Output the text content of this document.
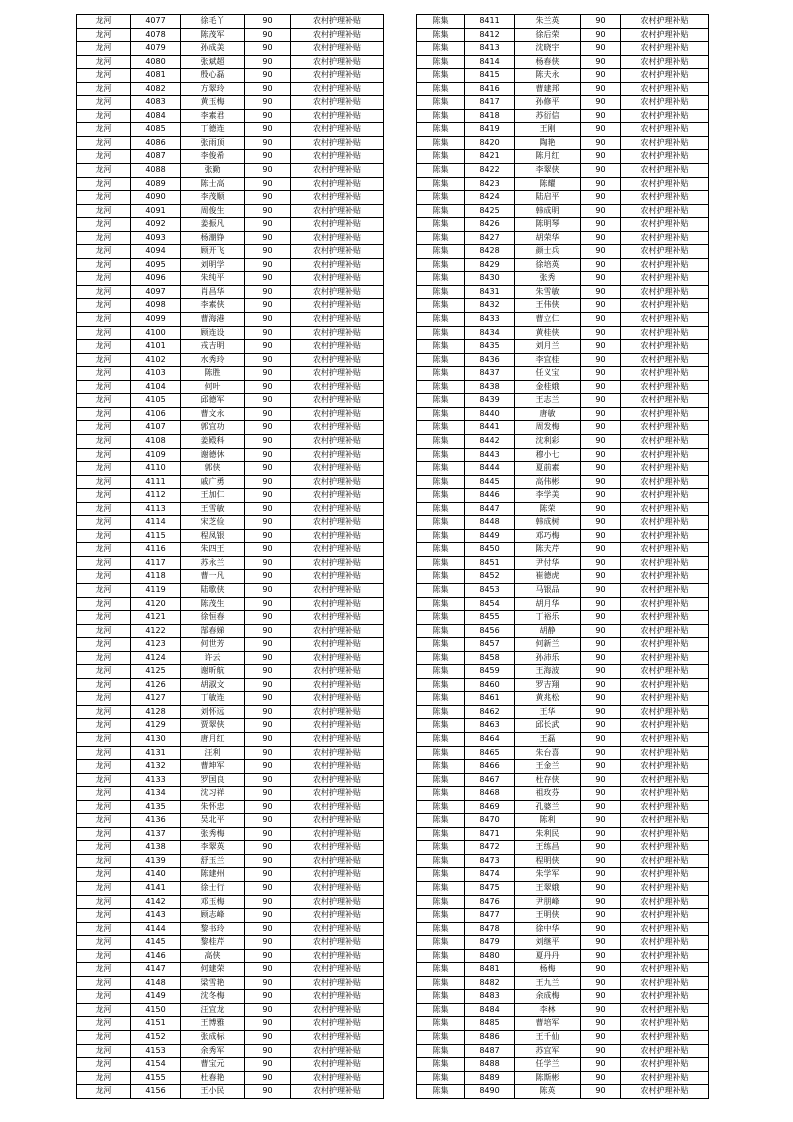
龙河	4077	徐毛丫	90	农村护理补贴
龙河	4078	陈茂军	90	农村护理补贴
龙河	4079	孙成美	90	农村护理补贴
龙河	4080	张斌超	90	农村护理补贴
龙河	4081	殷心磊	90	农村护理补贴
龙河	4082	方翠玲	90	农村护理补贴
龙河	4083	黄玉梅	90	农村护理补贴
龙河	4084	李素君	90	农村护理补贴
龙河	4085	丁德连	90	农村护理补贴
龙河	4086	张雨顶	90	农村护理补贴
龙河	4087	李俊希	90	农村护理补贴
龙河	4088	张勤	90	农村护理补贴
龙河	4089	陈士高	90	农村护理补贴
龙河	4090	李茂顺	90	农村护理补贴
龙河	4091	周俊生	90	农村护理补贴
龙河	4092	姜振凡	90	农村护理补贴
龙河	4093	杨潮铮	90	农村护理补贴
龙河	4094	顾开飞	90	农村护理补贴
龙河	4095	刘明学	90	农村护理补贴
龙河	4096	朱纯平	90	农村护理补贴
龙河	4097	肖昌华	90	农村护理补贴
龙河	4098	李素侠	90	农村护理补贴
龙河	4099	曹海港	90	农村护理补贴
龙河	4100	顾连设	90	农村护理补贴
龙河	4101	戎吉明	90	农村护理补贴
龙河	4102	水秀玲	90	农村护理补贴
龙河	4103	陈胜	90	农村护理补贴
龙河	4104	何叶	90	农村护理补贴
龙河	4105	邱德军	90	农村护理补贴
龙河	4106	曹文永	90	农村护理补贴
龙河	4107	郭宜功	90	农村护理补贴
龙河	4108	姜殿科	90	农村护理补贴
龙河	4109	谢德休	90	农村护理补贴
龙河	4110	郭侠	90	农村护理补贴
龙河	4111	戚广勇	90	农村护理补贴
龙河	4112	王加仁	90	农村护理补贴
龙河	4113	王雪敏	90	农村护理补贴
龙河	4114	宋芝俭	90	农村护理补贴
龙河	4115	程凤银	90	农村护理补贴
龙河	4116	朱四王	90	农村护理补贴
龙河	4117	苏永兰	90	农村护理补贴
龙河	4118	曹一凡	90	农村护理补贴
龙河	4119	陆歌侠	90	农村护理补贴
龙河	4120	陈茂生	90	农村护理补贴
龙河	4121	徐恒春	90	农村护理补贴
龙河	4122	郜春娣	90	农村护理补贴
龙河	4123	何世芳	90	农村护理补贴
龙河	4124	许云	90	农村护理补贴
龙河	4125	谢昕航	90	农村护理补贴
龙河	4126	胡淑文	90	农村护理补贴
龙河	4127	丁敏连	90	农村护理补贴
龙河	4128	刘怀远	90	农村护理补贴
龙河	4129	贾翠侠	90	农村护理补贴
龙河	4130	唐月红	90	农村护理补贴
龙河	4131	汪利	90	农村护理补贴
龙河	4132	曹坤军	90	农村护理补贴
龙河	4133	罗国良	90	农村护理补贴
龙河	4134	沈习祥	90	农村护理补贴
龙河	4135	朱怀忠	90	农村护理补贴
龙河	4136	吴北平	90	农村护理补贴
龙河	4137	张秀梅	90	农村护理补贴
龙河	4138	李翠英	90	农村护理补贴
龙河	4139	舒玉兰	90	农村护理补贴
龙河	4140	陈建州	90	农村护理补贴
龙河	4141	徐士行	90	农村护理补贴
龙河	4142	邓玉梅	90	农村护理补贴
龙河	4143	顾志峰	90	农村护理补贴
龙河	4144	黎书玲	90	农村护理补贴
龙河	4145	黎桂芹	90	农村护理补贴
龙河	4146	高侠	90	农村护理补贴
龙河	4147	何建荣	90	农村护理补贴
龙河	4148	梁雪艳	90	农村护理补贴
龙河	4149	沈冬梅	90	农村护理补贴
龙河	4150	汪宜龙	90	农村护理补贴
龙河	4151	王博雅	90	农村护理补贴
龙河	4152	张成标	90	农村护理补贴
龙河	4153	余秀军	90	农村护理补贴
龙河	4154	曹宝元	90	农村护理补贴
龙河	4155	杜春艳	90	农村护理补贴
龙河	4156	王小民	90	农村护理补贴
陈集	8411	朱兰英	90	农村护理补贴
陈集	8412	徐后荣	90	农村护理补贴
陈集	8413	沈晓宇	90	农村护理补贴
陈集	8414	杨春侠	90	农村护理补贴
陈集	8415	陈夫永	90	农村护理补贴
陈集	8416	曹建邦	90	农村护理补贴
陈集	8417	孙修平	90	农村护理补贴
陈集	8418	苏衍信	90	农村护理补贴
陈集	8419	王刚	90	农村护理补贴
陈集	8420	陶艳	90	农村护理补贴
陈集	8421	陈月红	90	农村护理补贴
陈集	8422	李翠侠	90	农村护理补贴
陈集	8423	陈耀	90	农村护理补贴
陈集	8424	陆启平	90	农村护理补贴
陈集	8425	韩成明	90	农村护理补贴
陈集	8426	陈明琴	90	农村护理补贴
陈集	8427	胡荣华	90	农村护理补贴
陈集	8428	颜士兵	90	农村护理补贴
陈集	8429	徐培英	90	农村护理补贴
陈集	8430	张秀	90	农村护理补贴
陈集	8431	朱雪敏	90	农村护理补贴
陈集	8432	王伟侠	90	农村护理补贴
陈集	8433	曹立仁	90	农村护理补贴
陈集	8434	黄桂侠	90	农村护理补贴
陈集	8435	刘月兰	90	农村护理补贴
陈集	8436	李宜桂	90	农村护理补贴
陈集	8437	任义宝	90	农村护理补贴
陈集	8438	金桂娥	90	农村护理补贴
陈集	8439	王志兰	90	农村护理补贴
陈集	8440	唐敏	90	农村护理补贴
陈集	8441	周发梅	90	农村护理补贴
陈集	8442	沈利彩	90	农村护理补贴
陈集	8443	穆小七	90	农村护理补贴
陈集	8444	夏前素	90	农村护理补贴
陈集	8445	高伟彬	90	农村护理补贴
陈集	8446	李学美	90	农村护理补贴
陈集	8447	陈荣	90	农村护理补贴
陈集	8448	韩成树	90	农村护理补贴
陈集	8449	邓巧梅	90	农村护理补贴
陈集	8450	陈夫芹	90	农村护理补贴
陈集	8451	尹付华	90	农村护理补贴
陈集	8452	崔德虎	90	农村护理补贴
陈集	8453	马银品	90	农村护理补贴
陈集	8454	胡月华	90	农村护理补贴
陈集	8455	丁裕乐	90	农村护理补贴
陈集	8456	胡静	90	农村护理补贴
陈集	8457	何新兰	90	农村护理补贴
陈集	8458	孙沛乐	90	农村护理补贴
陈集	8459	王海波	90	农村护理补贴
陈集	8460	罗吉翔	90	农村护理补贴
陈集	8461	黄兆松	90	农村护理补贴
陈集	8462	王华	90	农村护理补贴
陈集	8463	邱长武	90	农村护理补贴
陈集	8464	王磊	90	农村护理补贴
陈集	8465	朱台喜	90	农村护理补贴
陈集	8466	王金兰	90	农村护理补贴
陈集	8467	杜存侠	90	农村护理补贴
陈集	8468	祖玫芬	90	农村护理补贴
陈集	8469	孔婆兰	90	农村护理补贴
陈集	8470	陈利	90	农村护理补贴
陈集	8471	朱利民	90	农村护理补贴
陈集	8472	王练昌	90	农村护理补贴
陈集	8473	程明侠	90	农村护理补贴
陈集	8474	朱学军	90	农村护理补贴
陈集	8475	王翠娥	90	农村护理补贴
陈集	8476	尹朋峰	90	农村护理补贴
陈集	8477	王明侠	90	农村护理补贴
陈集	8478	徐中华	90	农村护理补贴
陈集	8479	刘继平	90	农村护理补贴
陈集	8480	夏丹丹	90	农村护理补贴
陈集	8481	杨梅	90	农村护理补贴
陈集	8482	王九兰	90	农村护理补贴
陈集	8483	余成梅	90	农村护理补贴
陈集	8484	李林	90	农村护理补贴
陈集	8485	曹培军	90	农村护理补贴
陈集	8486	王千仙	90	农村护理补贴
陈集	8487	苏宜军	90	农村护理补贴
陈集	8488	任学兰	90	农村护理补贴
陈集	8489	陈斯彬	90	农村护理补贴
陈集	8490	陈英	90	农村护理补贴
